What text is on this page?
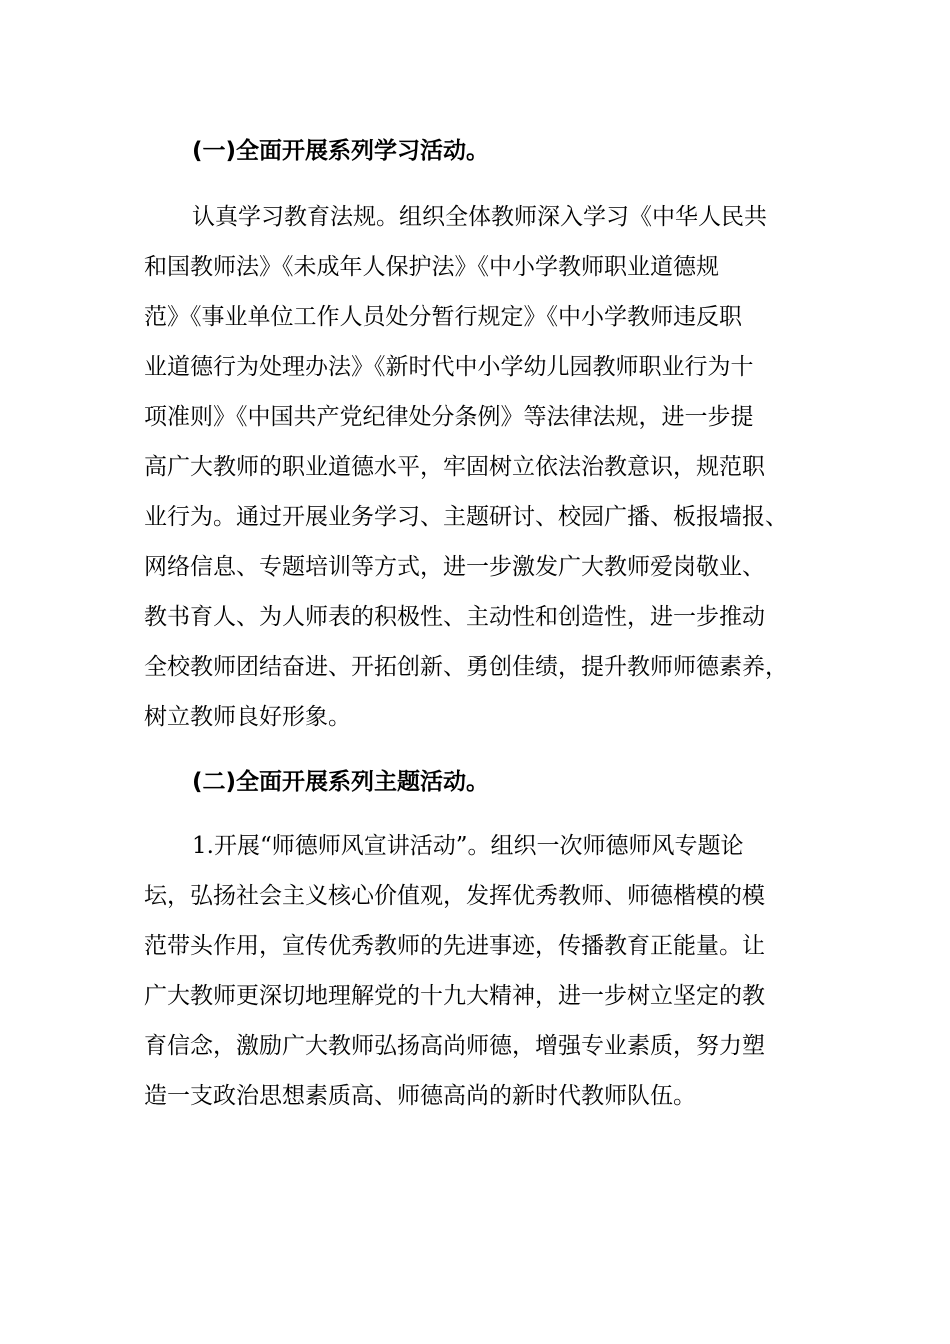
(一)全面开展系列学习活动。
认真学习教育法规。组织全体教师深入学习《中华人民共
和国教师法》《未成年人保护法》《中小学教师职业道德规
范》《事业单位工作人员处分暂行规定》《中小学教师违反职
业道德行为处理办法》《新时代中小学幼儿园教师职业行为十
项准则》《中国共产党纪律处分条例》等法律法规，进一步提
高广大教师的职业道德水平，牢固树立依法治教意识，规范职
业行为。通过开展业务学习、主题研讨、校园广播、板报墙报、
网络信息、专题培训等方式，进一步激发广大教师爱岗敬业、
教书育人、为人师表的积极性、主动性和创造性，进一步推动
全校教师团结奋进、开拓创新、勇创佳绩，提升教师师德素养，
树立教师良好形象。
(二)全面开展系列主题活动。
1.开展“师德师风宣讲活动”。组织一次师德师风专题论
坛，弘扬社会主义核心价值观，发挥优秀教师、师德楷模的模
范带头作用，宣传优秀教师的先进事迹，传播教育正能量。让
广大教师更深切地理解党的十九大精神，进一步树立坚定的教
育信念，激励广大教师弘扬高尚师德，增强专业素质，努力塑
造一支政治思想素质高、师德高尚的新时代教师队伍。
